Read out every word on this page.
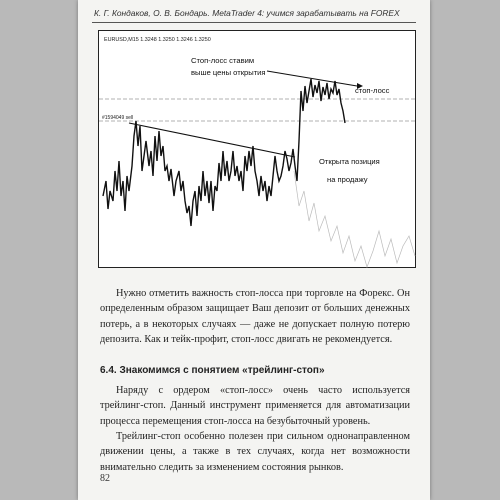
К. Г. Кондаков, О. В. Бондарь. MetaTrader 4: учимся зарабатывать на FOREX
EURUSD,M15 1.3248 1.3250 1.3246 1.3250
#1594049 sell
Стоп-лосс ставим
выше цены открытия
стоп-лосс
Открыта позиция
на продажу

Нужно отметить важность стоп-лосса при торговле на Форекс. Он определенным образом защищает Ваш депозит от больших денежных потерь, а в некоторых случаях — даже не допускает полную потерю депозита. Как и тейк-профит, стоп-лосс двигать не рекомендуется.

6.4. Знакомимся с понятием «трейлинг-стоп»

Наряду с ордером «стоп-лосс» очень часто используется трейлинг-стоп. Данный инструмент применяется для автоматизации процесса перемещения стоп-лосса на безубыточный уровень.

Трейлинг-стоп особенно полезен при сильном однонаправленном движении цены, а также в тех случаях, когда нет возможности внимательно следить за изменением состояния рынков.

82
